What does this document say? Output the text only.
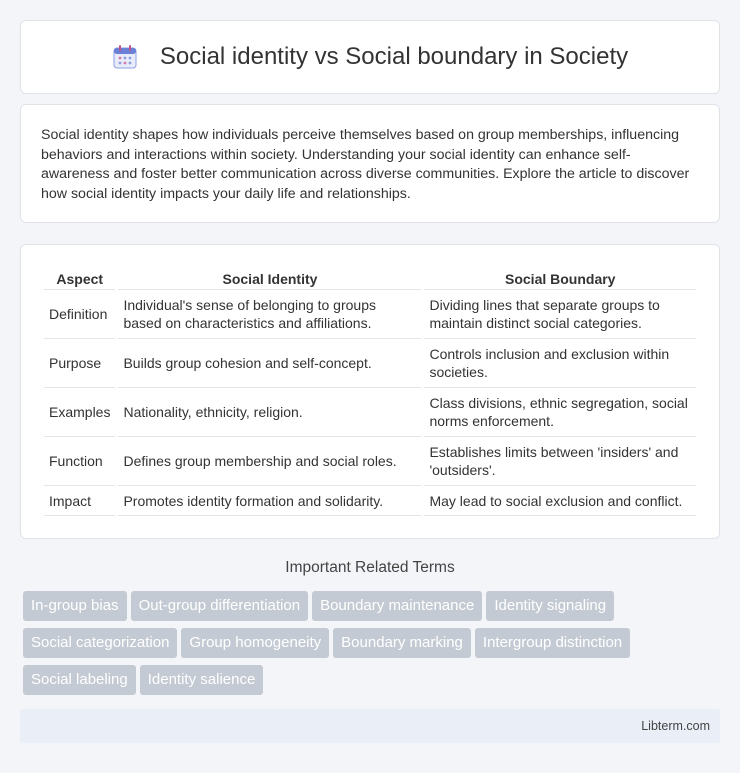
Social identity vs Social boundary in Society

Social identity shapes how individuals perceive themselves based on group memberships, influencing behaviors and interactions within society. Understanding your social identity can enhance self-awareness and foster better communication across diverse communities. Explore the article to discover how social identity impacts your daily life and relationships.

Aspect	Social Identity	Social Boundary
Definition	Individual's sense of belonging to groups based on characteristics and affiliations.	Dividing lines that separate groups to maintain distinct social categories.
Purpose	Builds group cohesion and self-concept.	Controls inclusion and exclusion within societies.
Examples	Nationality, ethnicity, religion.	Class divisions, ethnic segregation, social norms enforcement.
Function	Defines group membership and social roles.	Establishes limits between 'insiders' and 'outsiders'.
Impact	Promotes identity formation and solidarity.	May lead to social exclusion and conflict.
Important Related Terms
In-group bias Out-group differentiation Boundary maintenance Identity signaling Social categorization Group homogeneity Boundary marking Intergroup distinction Social labeling Identity salience
Libterm.com
